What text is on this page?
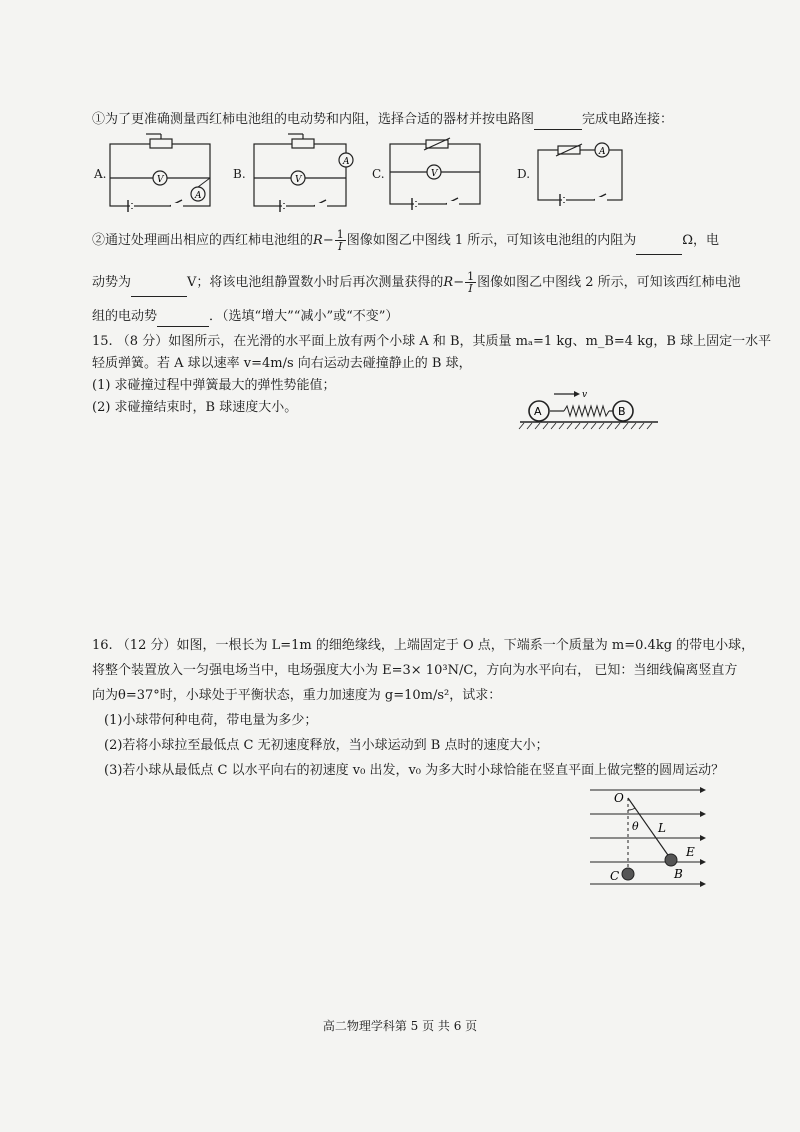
①为了更准确测量西红柿电池组的电动势和内阻，选择合适的器材并按电路图	完成电路连接：
A.	V
A
B.	V
A
C.	V	D.
A
②通过处理画出相应的西红柿电池组的$R- \frac{1}{I}$ 图像如图乙中图线 1 所示，可知该电池组的内阻为	Ω，电
动势为	V；将该电池组静置数小时后再次测量获得的$R- \frac{1}{I}$ 图像如图乙中图线 2 所示，可知该西红柿电池
组的电动势	．（选填“增大”“减小”或“不变”）
15. （8 分）如图所示，在光滑的水平面上放有两个小球 A 和 B，其质量 mₐ=1 kg、m_B=4 kg，B 球上固定一水平
轻质弹簧。若 A 球以速率 v=4m/s 向右运动去碰撞静止的 B 球，
(1) 求碰撞过程中弹簧最大的弹性势能值；
(2) 求碰撞结束时，B 球速度大小。
v
A	B
16. （12 分）如图，一根长为 L=1m 的细绝缘线，上端固定于 O 点，下端系一个质量为 m=0.4kg 的带电小球，
将整个装置放入一匀强电场当中，电场强度大小为 E=3× 10³N/C，方向为水平向右， 已知：当细线偏离竖直方
向为θ=37°时，小球处于平衡状态，重力加速度为 g=10m/s²，试求：
(1)小球带何种电荷，带电量为多少；
(2)若将小球拉至最低点 C 无初速度释放，当小球运动到 B 点时的速度大小；
(3)若小球从最低点 C 以水平向右的初速度 v₀ 出发，v₀ 为多大时小球恰能在竖直平面上做完整的圆周运动？
O
θ L
E
B
C
高二物理学科第 5 页 共 6 页
